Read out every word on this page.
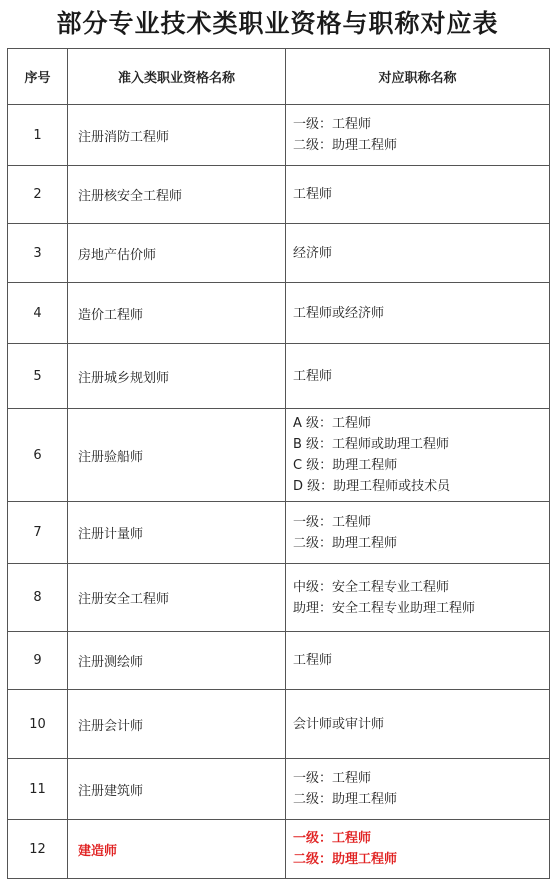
部分专业技术类职业资格与职称对应表
序号	准入类职业资格名称	对应职称名称
1	注册消防工程师	一级：工程师
二级：助理工程师

2	注册核安全工程师	工程师

3	房地产估价师	经济师

4	造价工程师	工程师或经济师

5	注册城乡规划师	工程师

6	注册验船师	A 级：工程师
B 级：工程师或助理工程师
C 级：助理工程师
D 级：助理工程师或技术员

7	注册计量师	一级：工程师
二级：助理工程师

8	注册安全工程师	中级：安全工程专业工程师
助理：安全工程专业助理工程师

9	注册测绘师	工程师

10	注册会计师	会计师或审计师

11	注册建筑师	一级：工程师
二级：助理工程师

12	建造师	一级：工程师
二级：助理工程师
